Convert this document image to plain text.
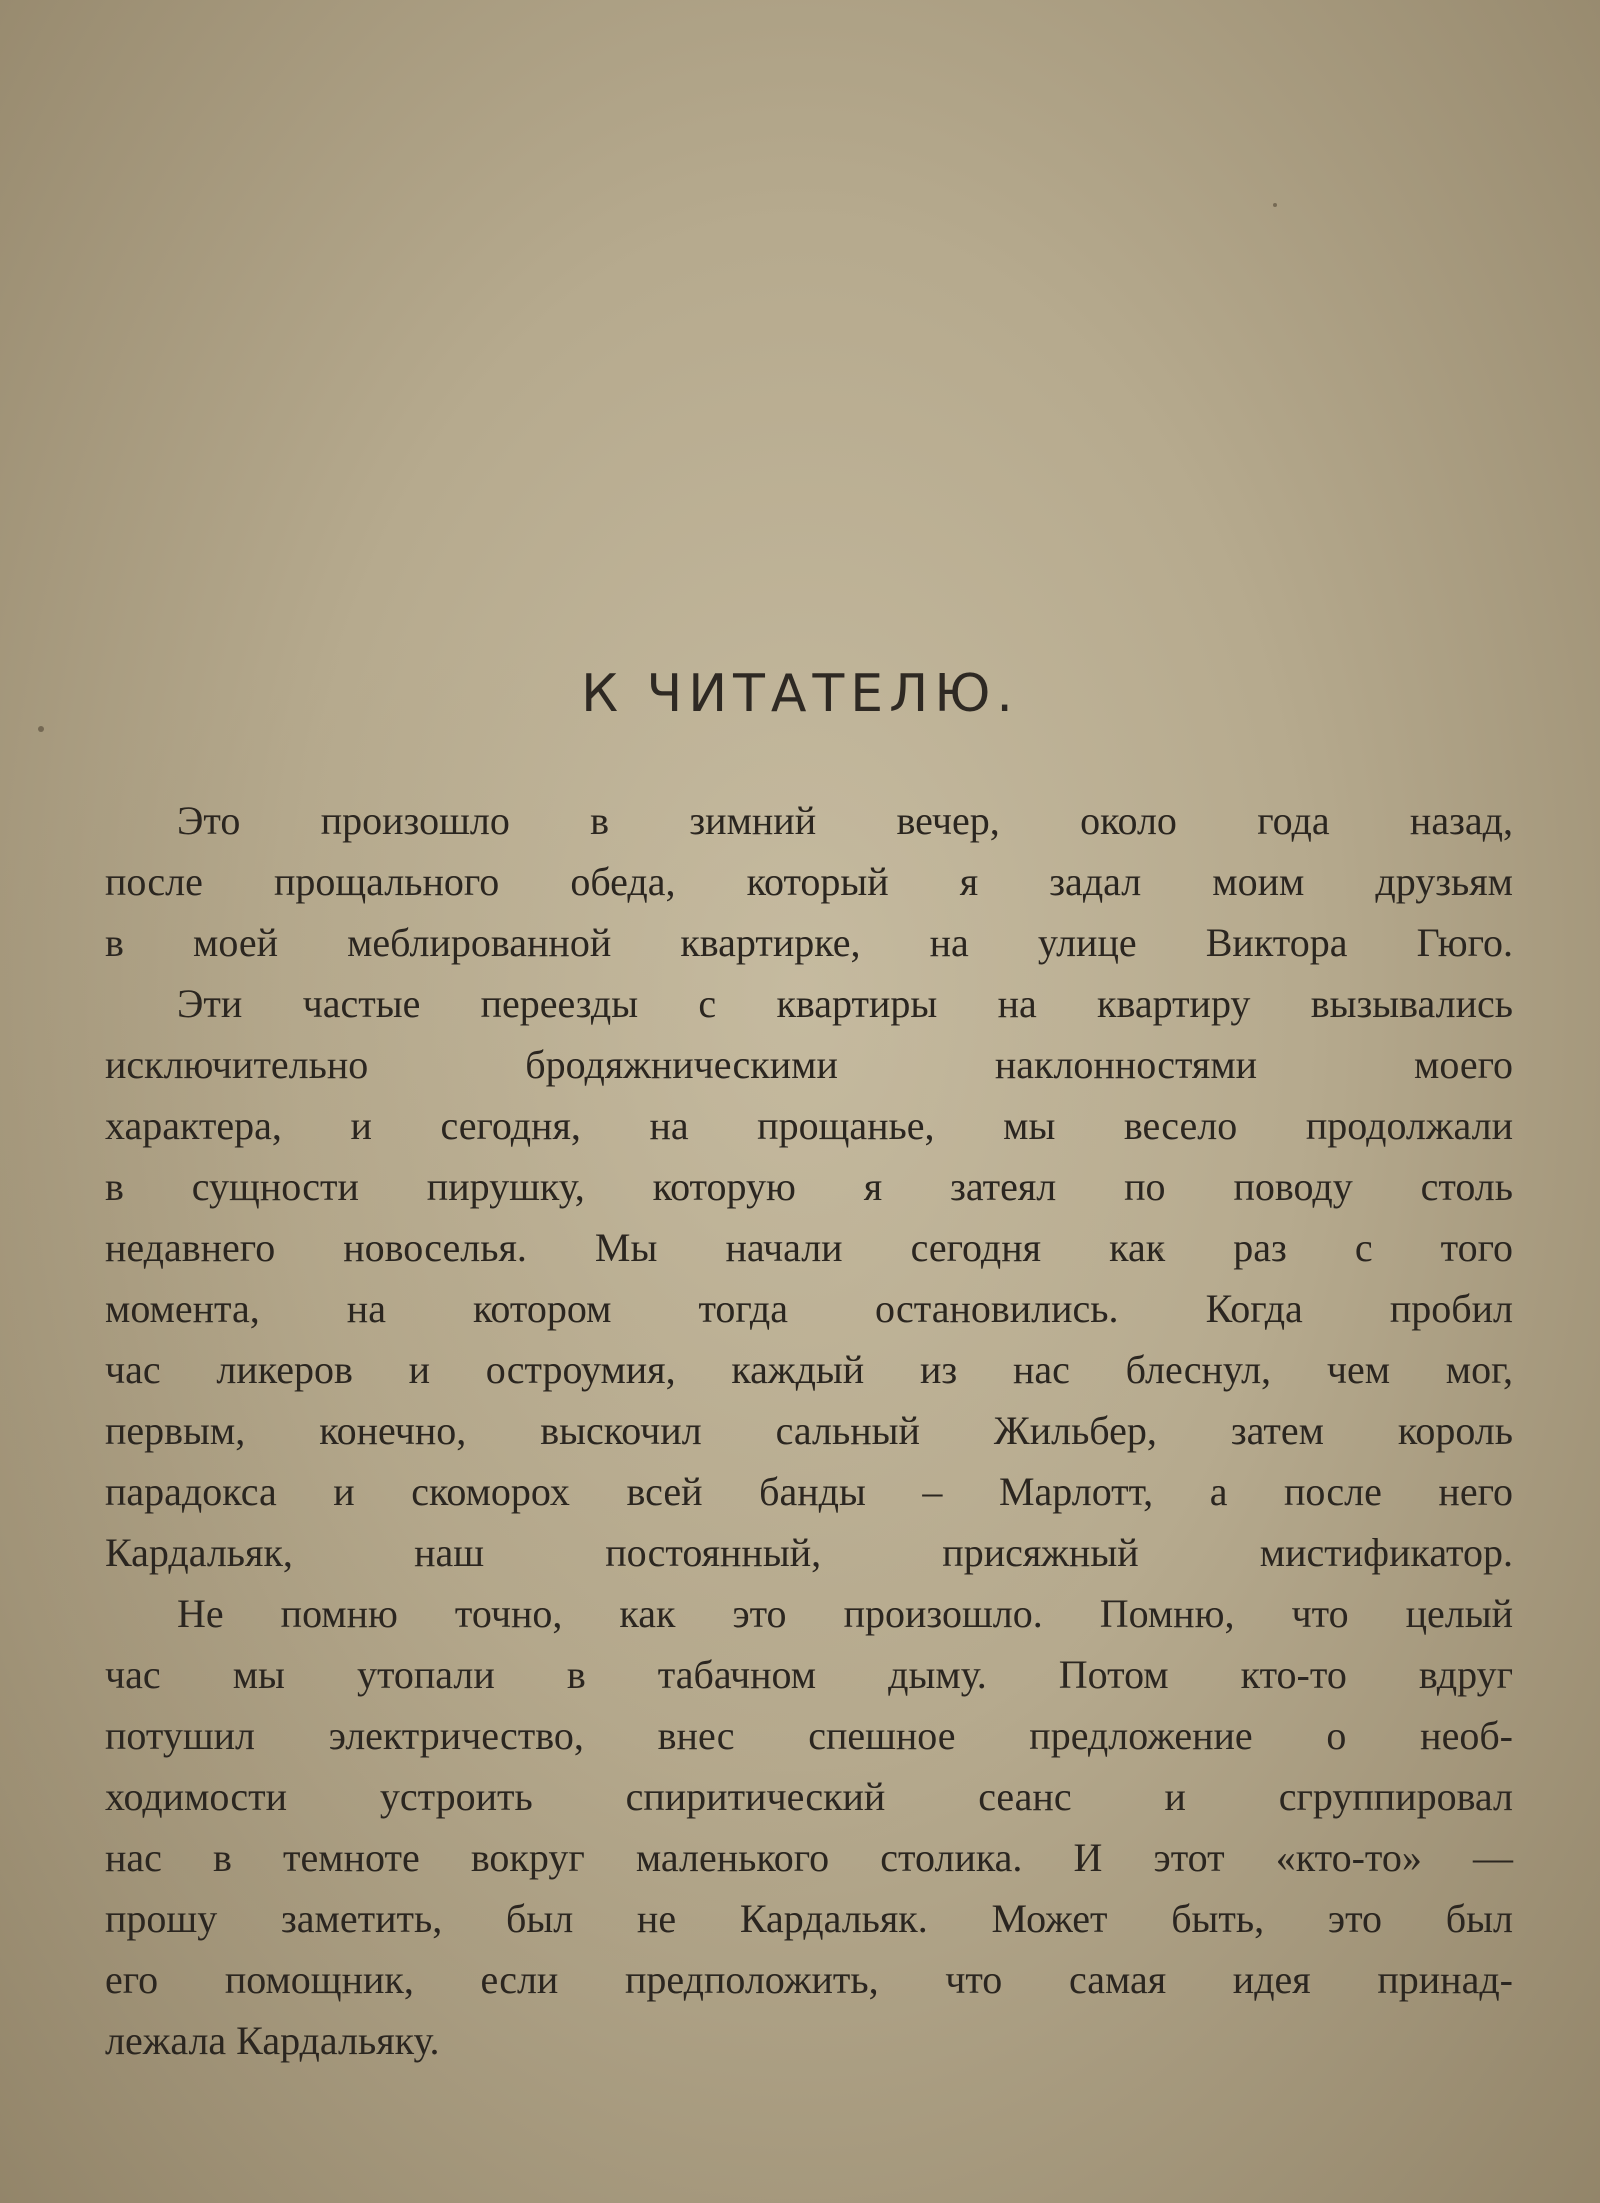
К ЧИТАТЕЛЮ.
Это произошло в зимний вечер, около года назад,
после прощального обеда, который я задал моим друзьям
в моей меблированной квартирке, на улице Виктора Гюго.
Эти частые переезды с квартиры на квартиру вызывались
исключительно бродяжническими наклонностями моего
характера, и сегодня, на прощанье, мы весело продолжали
в сущности пирушку, которую я затеял по поводу столь
недавнего новоселья. Мы начали сегодня как раз с того
момента, на котором тогда остановились. Когда пробил
час ликеров и остроумия, каждый из нас блеснул, чем мог,
первым, конечно, выскочил сальный Жильбер, затем король
парадокса и скоморох всей банды – Марлотт, а после него
Кардальяк, наш постоянный, присяжный мистификатор.
Не помню точно, как это произошло. Помню, что целый
час мы утопали в табачном дыму. Потом кто-то вдруг
потушил электричество, внес спешное предложение о необ-
ходимости устроить спиритический сеанс и сгруппировал
нас в темноте вокруг маленького столика. И этот «кто-то» —
прошу заметить, был не Кардальяк. Может быть, это был
его помощник, если предположить, что самая идея принад-
лежала Кардальяку.
